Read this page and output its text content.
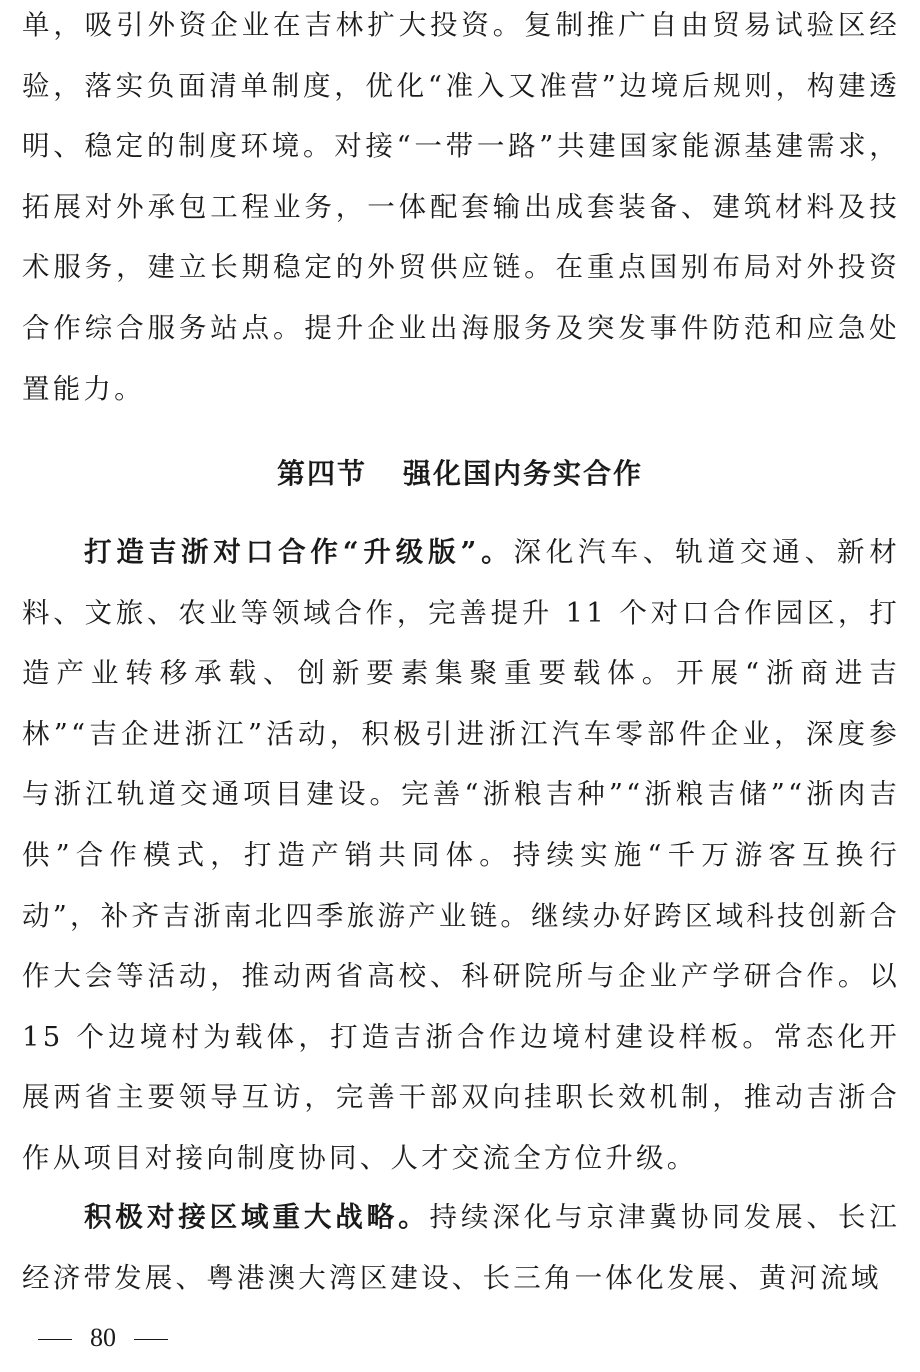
单，吸引外资企业在吉林扩大投资。复制推广自由贸易试验区经验，落实负面清单制度，优化“准入又准营”边境后规则，构建透明、稳定的制度环境。对接“一带一路”共建国家能源基建需求，拓展对外承包工程业务，一体配套输出成套装备、建筑材料及技术服务，建立长期稳定的外贸供应链。在重点国别布局对外投资合作综合服务站点。提升企业出海服务及突发事件防范和应急处置能力。

第四节 强化国内务实合作

打造吉浙对口合作“升级版”。深化汽车、轨道交通、新材料、文旅、农业等领域合作，完善提升 11 个对口合作园区，打造产业转移承载、创新要素集聚重要载体。开展“浙商进吉林”“吉企进浙江”活动，积极引进浙江汽车零部件企业，深度参与浙江轨道交通项目建设。完善“浙粮吉种”“浙粮吉储”“浙肉吉供”合作模式，打造产销共同体。持续实施“千万游客互换行动”，补齐吉浙南北四季旅游产业链。继续办好跨区域科技创新合作大会等活动，推动两省高校、科研院所与企业产学研合作。以 15 个边境村为载体，打造吉浙合作边境村建设样板。常态化开展两省主要领导互访，完善干部双向挂职长效机制，推动吉浙合作从项目对接向制度协同、人才交流全方位升级。

积极对接区域重大战略。持续深化与京津冀协同发展、长江经济带发展、粤港澳大湾区建设、长三角一体化发展、黄河流域

80
